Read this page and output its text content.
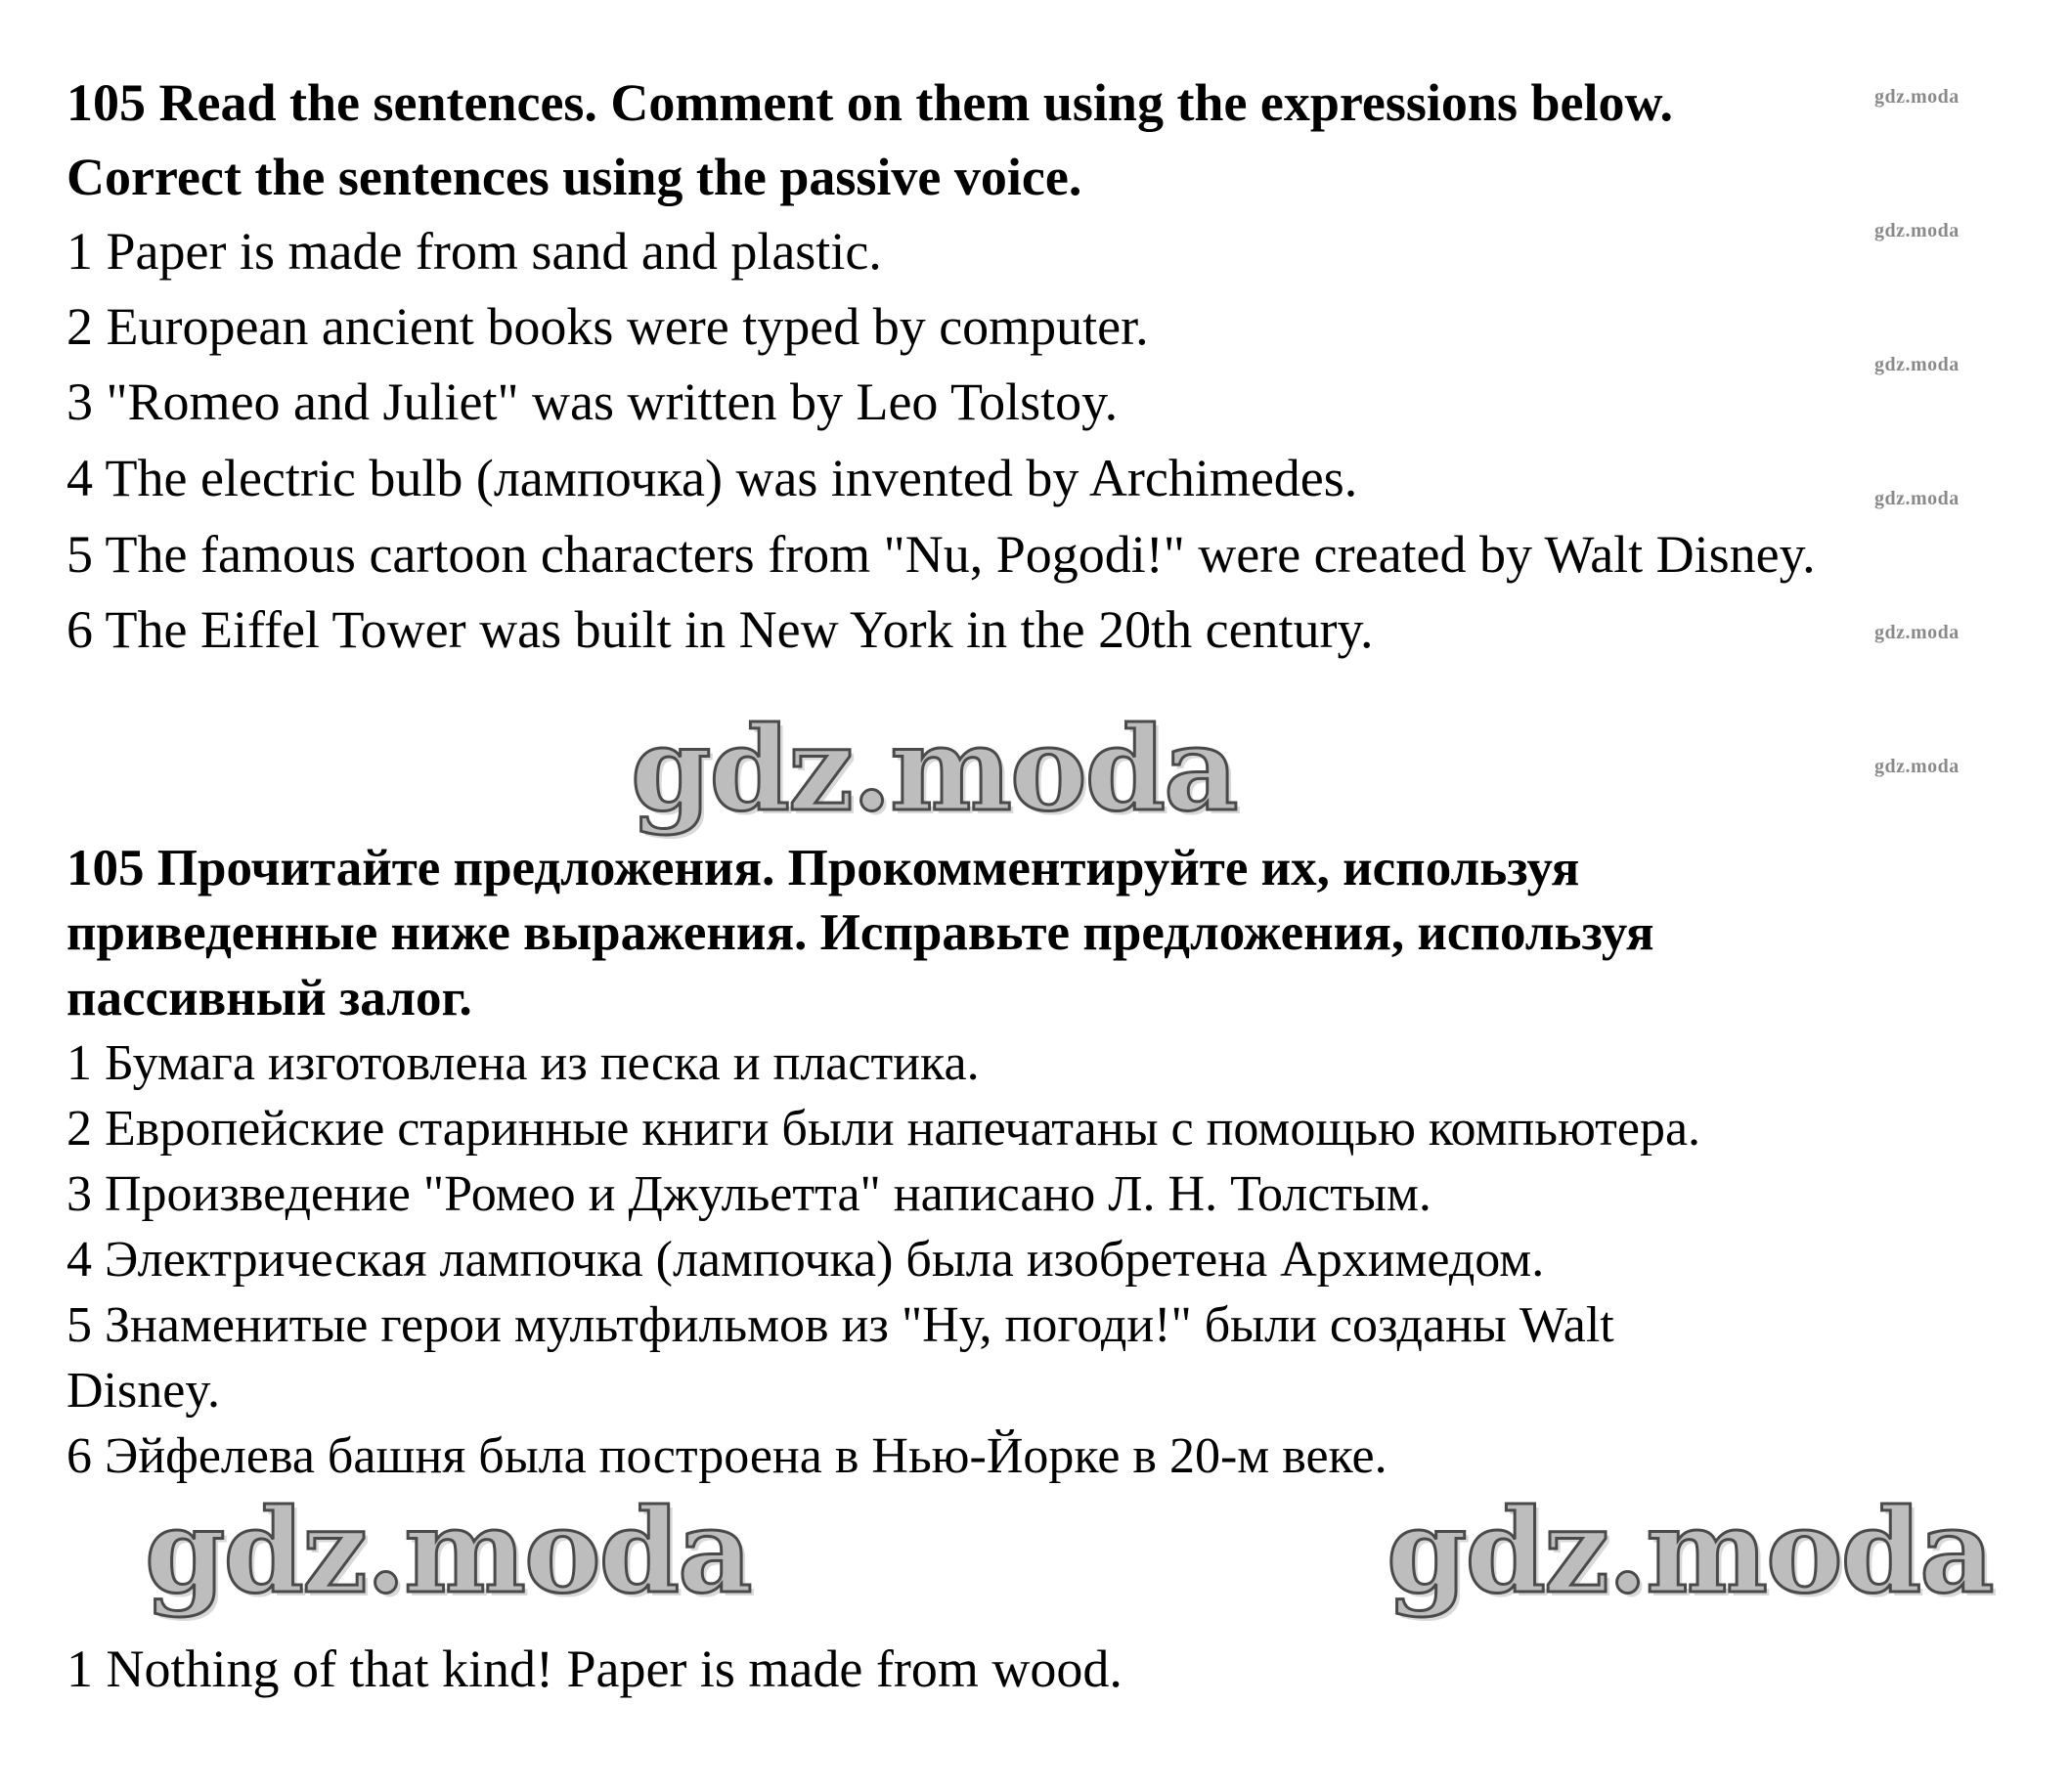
105 Read the sentences. Comment on them using the expressions below.

Correct the sentences using the passive voice.

1 Paper is made from sand and plastic.

2 European ancient books were typed by computer.

3 "Romeo and Juliet" was written by Leo Tolstoy.

4 The electric bulb (лампочка) was invented by Archimedes.

5 The famous cartoon characters from "Nu, Pogodi!" were created by Walt Disney.

6 The Eiffel Tower was built in New York in the 20th century.

gdz.moda
gdz.moda
gdz.moda
gdz.moda
gdz.moda
gdz.moda
gdz.moda

105 Прочитайте предложения. Прокомментируйте их, используя

приведенные ниже выражения. Исправьте предложения, используя

пассивный залог.

1 Бумага изготовлена из песка и пластика.

2 Европейские старинные книги были напечатаны с помощью компьютера.

3 Произведение "Ромео и Джульетта" написано Л. Н. Толстым.

4 Электрическая лампочка (лампочка) была изобретена Архимедом.

5 Знаменитые герои мультфильмов из "Ну, погоди!" были созданы Walt

Disney.

6 Эйфелева башня была построена в Нью-Йорке в 20-м веке.

gdz.moda	gdz.moda

1 Nothing of that kind! Paper is made from wood.
